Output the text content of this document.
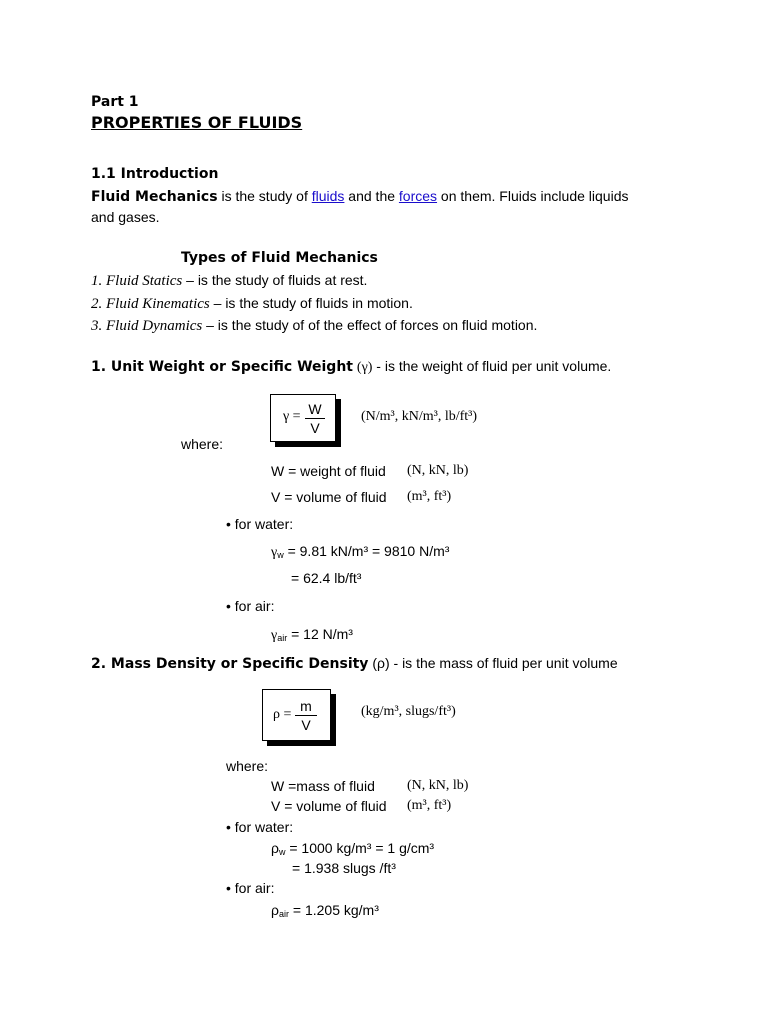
Part 1
PROPERTIES OF FLUIDS
1.1 Introduction
Fluid Mechanics is the study of fluids and the forces on them. Fluids include liquids
and gases.
Types of Fluid Mechanics
1. Fluid Statics – is the study of fluids at rest.
2. Fluid Kinematics – is the study of fluids in motion.
3. Fluid Dynamics – is the study of of the effect of forces on fluid motion.
1. Unit Weight or Specific Weight (γ) - is the weight of fluid per unit volume.
γ = W
V
(N/m³, kN/m³, lb/ft³)
where:
W = weight of fluid (N, kN, lb)
V = volume of fluid (m³, ft³)
• for water:
$\gamma_w = 9.81$ kN/m³ = 9810 N/m³
= 62.4 lb/ft³
• for air:
$\gamma_{air} = 12$ N/m³
2. Mass Density or Specific Density (ρ) - is the mass of fluid per unit volume
ρ =
m
V
(kg/m³, slugs/ft³)
where:
W =mass of fluid (N, kN, lb)
V = volume of fluid (m³, ft³)
• for water:
$\rho_w = 1000$ kg/m³ = 1 g/cm³
= 1.938 slugs /ft³
• for air:
$\rho_{air} = 1.205$ kg/m³
